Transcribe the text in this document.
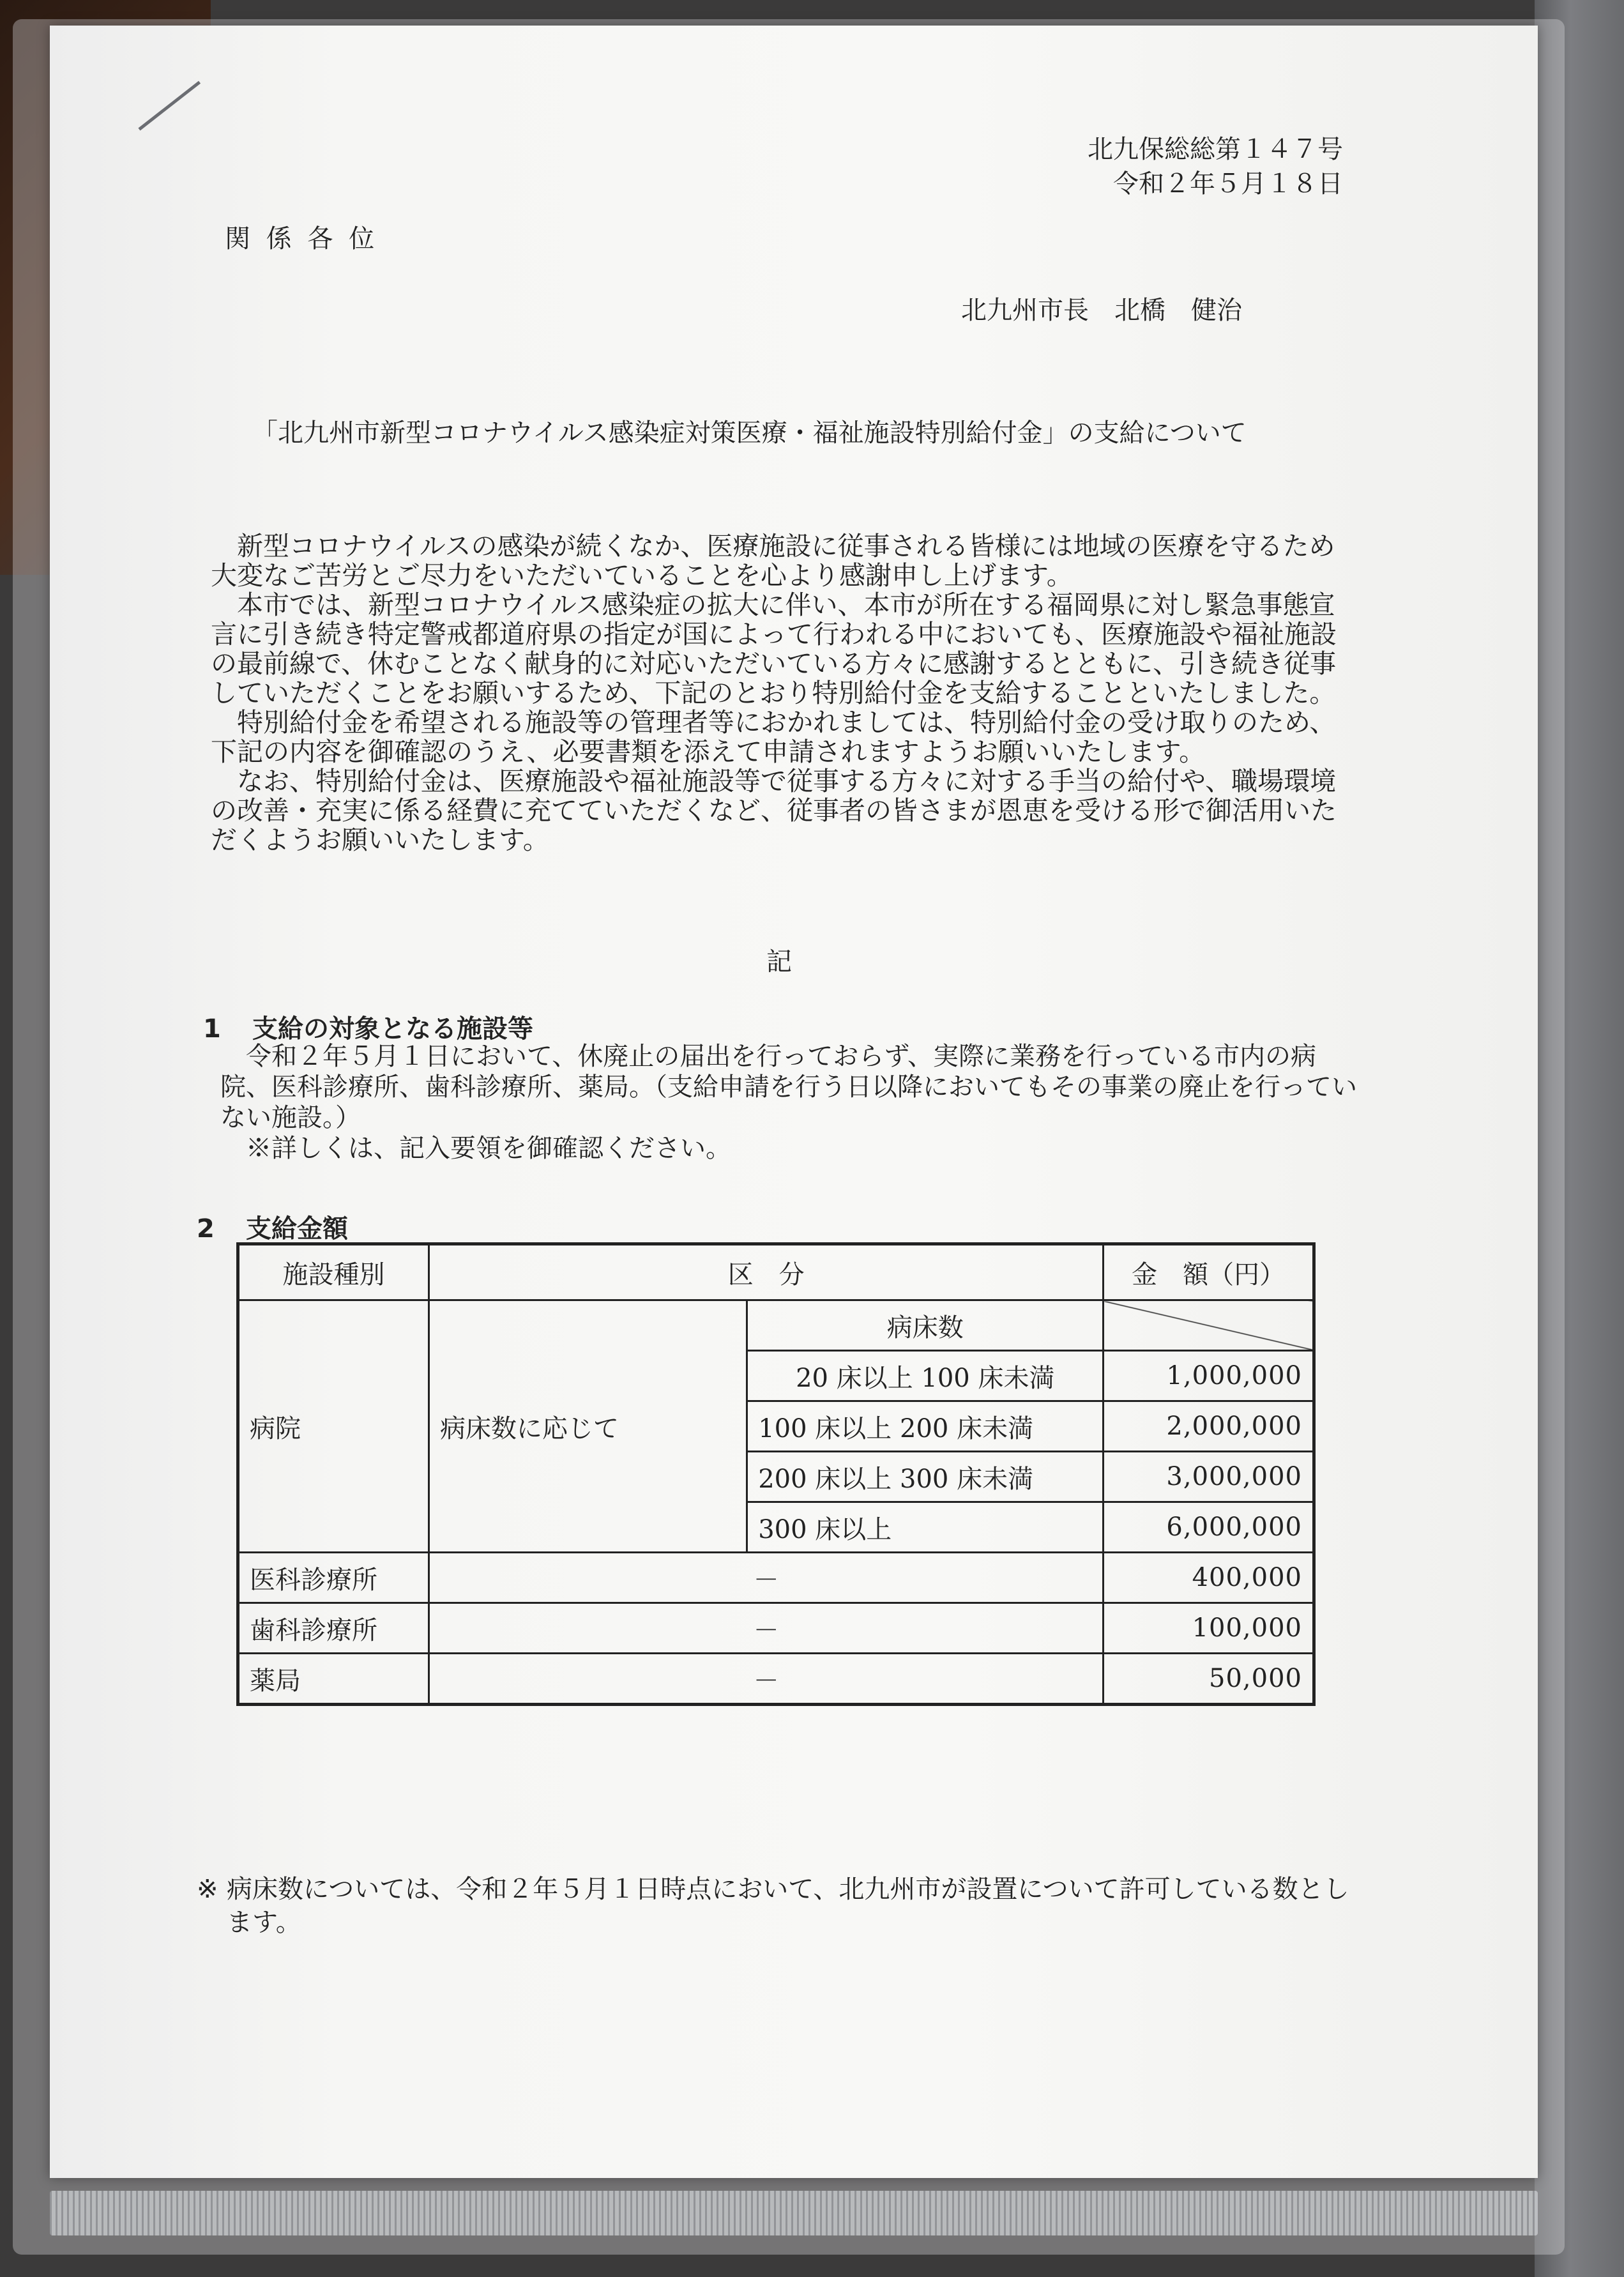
北九保総総第１４７号
令和２年５月１８日
関 係 各 位
北九州市長　北橋　健治
「北九州市新型コロナウイルス感染症対策医療・福祉施設特別給付金」の支給について

新型コロナウイルスの感染が続くなか、医療施設に従事される皆様には地域の医療を守るため大変なご苦労とご尽力をいただいていることを心より感謝申し上げます。

本市では、新型コロナウイルス感染症の拡大に伴い、本市が所在する福岡県に対し緊急事態宣言に引き続き特定警戒都道府県の指定が国によって行われる中においても、医療施設や福祉施設の最前線で、休むことなく献身的に対応いただいている方々に感謝するとともに、引き続き従事していただくことをお願いするため、下記のとおり特別給付金を支給することといたしました。

特別給付金を希望される施設等の管理者等におかれましては、特別給付金の受け取りのため、下記の内容を御確認のうえ、必要書類を添えて申請されますようお願いいたします。

なお、特別給付金は、医療施設や福祉施設等で従事する方々に対する手当の給付や、職場環境の改善・充実に係る経費に充てていただくなど、従事者の皆さまが恩恵を受ける形で御活用いただくようお願いいたします。

記
1 支給の対象となる施設等

令和２年５月１日において、休廃止の届出を行っておらず、実際に業務を行っている市内の病院、医科診療所、歯科診療所、薬局。（支給申請を行う日以降においてもその事業の廃止を行っていない施設。）

※詳しくは、記入要領を御確認ください。

2 支給金額
施設種別	区　分		金　額（円）
病院	病床数に応じて	病床数	
		20 床以上 100 床未満	1,000,000
		100 床以上 200 床未満	2,000,000
		200 床以上 300 床未満	3,000,000
		300 床以上	6,000,000
医科診療所	－		400,000
歯科診療所	－		100,000
薬局	－		50,000
※ 病床数については、令和２年５月１日時点において、北九州市が設置について許可している数とします。
